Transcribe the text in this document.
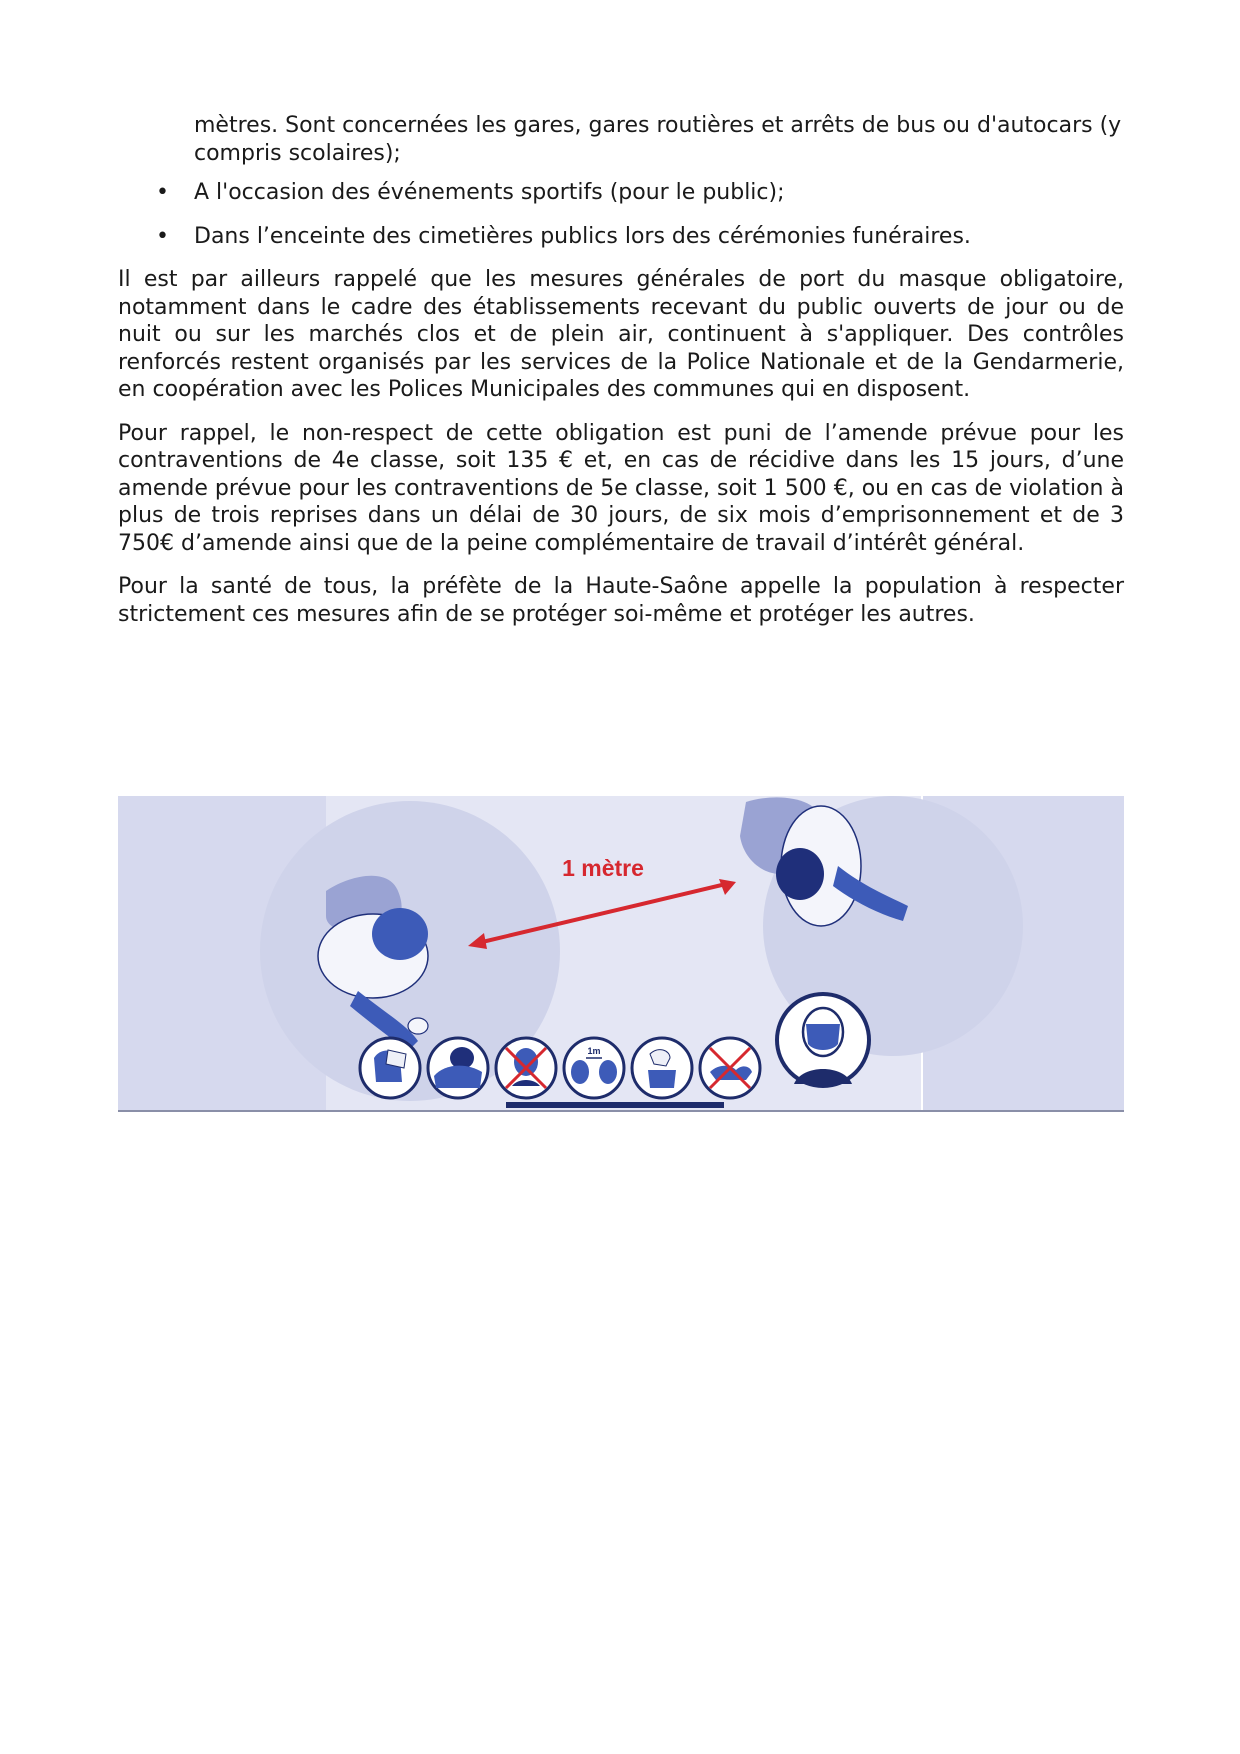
mètres. Sont concernées les gares, gares routières et arrêts de bus ou d'autocars (y

compris scolaires);

• A l'occasion des événements sportifs (pour le public);
• Dans l’enceinte des cimetières publics lors des cérémonies funéraires.

Il est par ailleurs rappelé que les mesures générales de port du masque obligatoire, notamment dans le cadre des établissements recevant du public ouverts de jour ou de nuit ou sur les marchés clos et de plein air, continuent à s'appliquer. Des contrôles renforcés restent organisés par les services de la Police Nationale et de la Gendarmerie, en coopération avec les Polices Municipales des communes qui en disposent.

Pour rappel, le non-respect de cette obligation est puni de l’amende prévue pour les contraventions de 4e classe, soit 135 € et, en cas de récidive dans les 15 jours, d’une amende prévue pour les contraventions de 5e classe, soit 1 500 €, ou en cas de violation à plus de trois reprises dans un délai de 30 jours, de six mois d’emprisonnement et de 3 750€ d’amende ainsi que de la peine complémentaire de travail d’intérêt général.

Pour la santé de tous, la préfète de la Haute-Saône appelle la population à respecter strictement ces mesures afin de se protéger soi-même et protéger les autres.

1 mètre
1m
